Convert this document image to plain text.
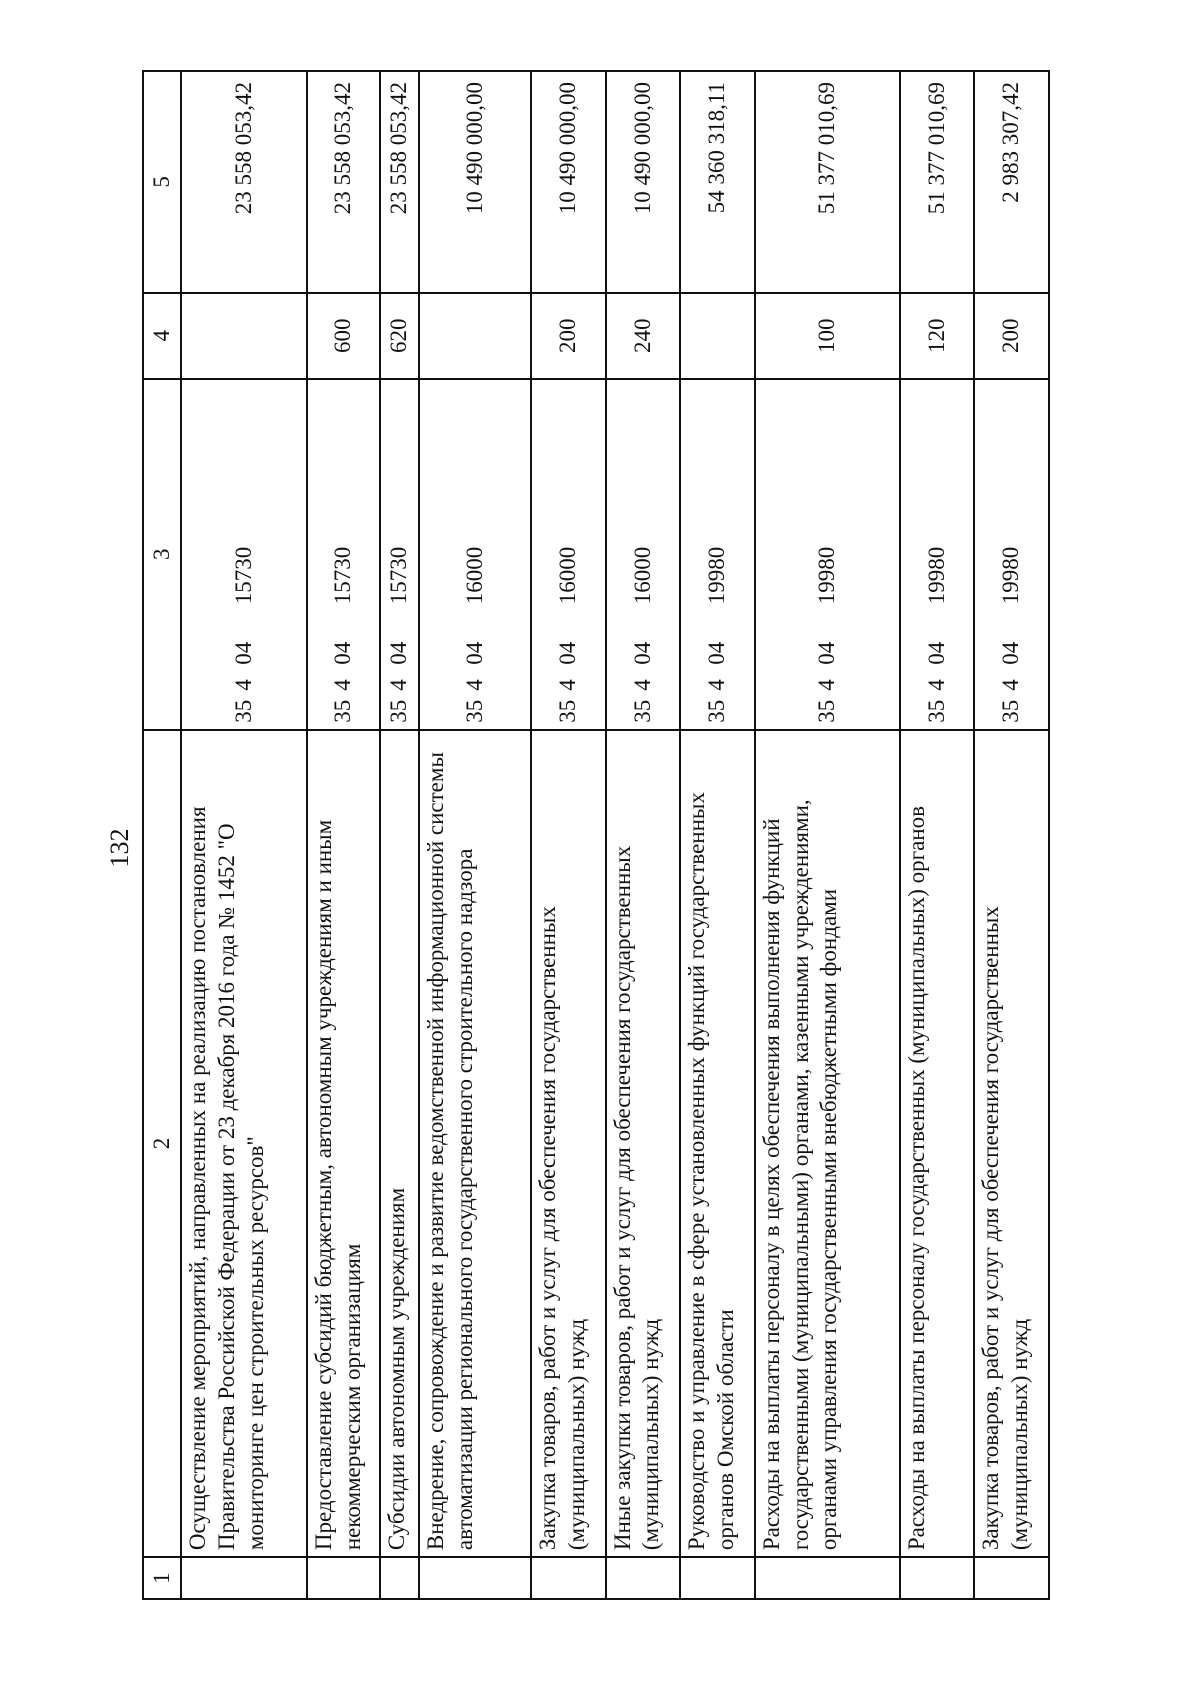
132
1	2	3	4	5
	Осуществление мероприятий, направленных на реализацию постановления Правительства Российской Федерации от 23 декабря 2016 года № 1452 "О мониторинге цен строительных ресурсов"	3540415730		23 558 053,42
	Предоставление субсидий бюджетным, автономным учреждениям и иным некоммерческим организациям	3540415730	600	23 558 053,42
	Субсидии автономным учреждениям	3540415730	620	23 558 053,42
	Внедрение, сопровождение и развитие ведомственной информационной системы автоматизации регионального государственного строительного надзора	3540416000		10 490 000,00
	Закупка товаров, работ и услуг для обеспечения государственных (муниципальных) нужд	3540416000	200	10 490 000,00
	Иные закупки товаров, работ и услуг для обеспечения государственных (муниципальных) нужд	3540416000	240	10 490 000,00
	Руководство и управление в сфере установленных функций государственных органов Омской области	3540419980		54 360 318,11
	Расходы на выплаты персоналу в целях обеспечения выполнения функций государственными (муниципальными) органами, казенными учреждениями, органами управления государственными внебюджетными фондами	3540419980	100	51 377 010,69
	Расходы на выплаты персоналу государственных (муниципальных) органов	3540419980	120	51 377 010,69
	Закупка товаров, работ и услуг для обеспечения государственных (муниципальных) нужд	3540419980	200	2 983 307,42
